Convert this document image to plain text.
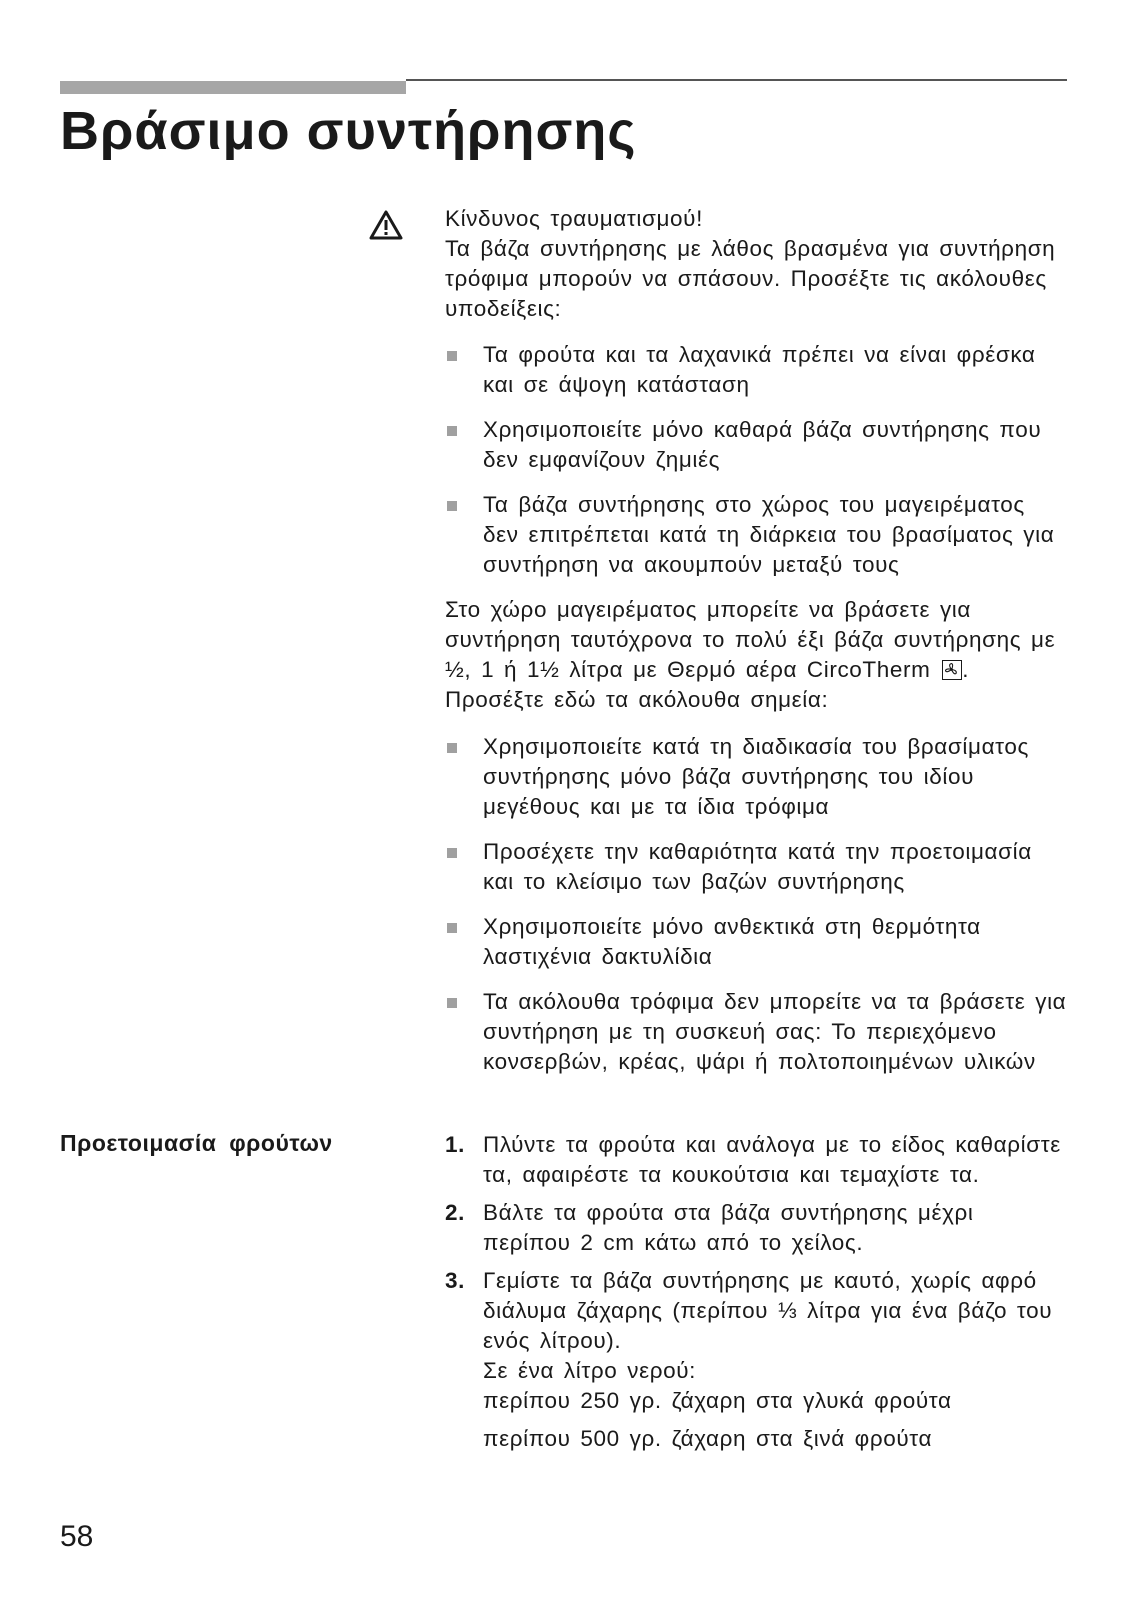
Βράσιμο συντήρησης

Κίνδυνος τραυματισμού!

Τα βάζα συντήρησης με λάθος βρασμένα για συντήρηση τρόφιμα μπορούν να σπάσουν. Προσέξτε τις ακόλουθες υποδείξεις:

Τα φρούτα και τα λαχανικά πρέπει να είναι φρέσκα και σε άψογη κατάσταση
Χρησιμοποιείτε μόνο καθαρά βάζα συντήρησης που δεν εμφανίζουν ζημιές
Τα βάζα συντήρησης στο χώρος του μαγειρέματος δεν επιτρέπεται κατά τη διάρκεια του βρασίματος για συντήρηση να ακουμπούν μεταξύ τους

Στο χώρο μαγειρέματος μπορείτε να βράσετε για συντήρηση ταυτόχρονα το πολύ έξι βάζα συντήρησης με ½, 1 ή 1½ λίτρα με Θερμό αέρα CircoTherm .
Προσέξτε εδώ τα ακόλουθα σημεία:

Χρησιμοποιείτε κατά τη διαδικασία του βρασίματος συντήρησης μόνο βάζα συντήρησης του ιδίου μεγέθους και με τα ίδια τρόφιμα
Προσέχετε την καθαριότητα κατά την προετοιμασία και το κλείσιμο των βαζών συντήρησης
Χρησιμοποιείτε μόνο ανθεκτικά στη θερμότητα λαστιχένια δακτυλίδια
Τα ακόλουθα τρόφιμα δεν μπορείτε να τα βράσετε για συντήρηση με τη συσκευή σας: Το περιεχόμενο κονσερβών, κρέας, ψάρι ή πολτοποιημένων υλικών
Προετοιμασία φρούτων	1. Πλύντε τα φρούτα και ανάλογα με το είδος καθαρίστε τα, αφαιρέστε τα κουκούτσια και τεμαχίστε τα.
2. Βάλτε τα φρούτα στα βάζα συντήρησης μέχρι περίπου 2 cm κάτω από το χείλος.
3. Γεμίστε τα βάζα συντήρησης με καυτό, χωρίς αφρό διάλυμα ζάχαρης (περίπου ⅓ λίτρα για ένα βάζο του ενός λίτρου).
Σε ένα λίτρο νερού:
περίπου 250 γρ. ζάχαρη στα γλυκά φρούτα
περίπου 500 γρ. ζάχαρη στα ξινά φρούτα
58
